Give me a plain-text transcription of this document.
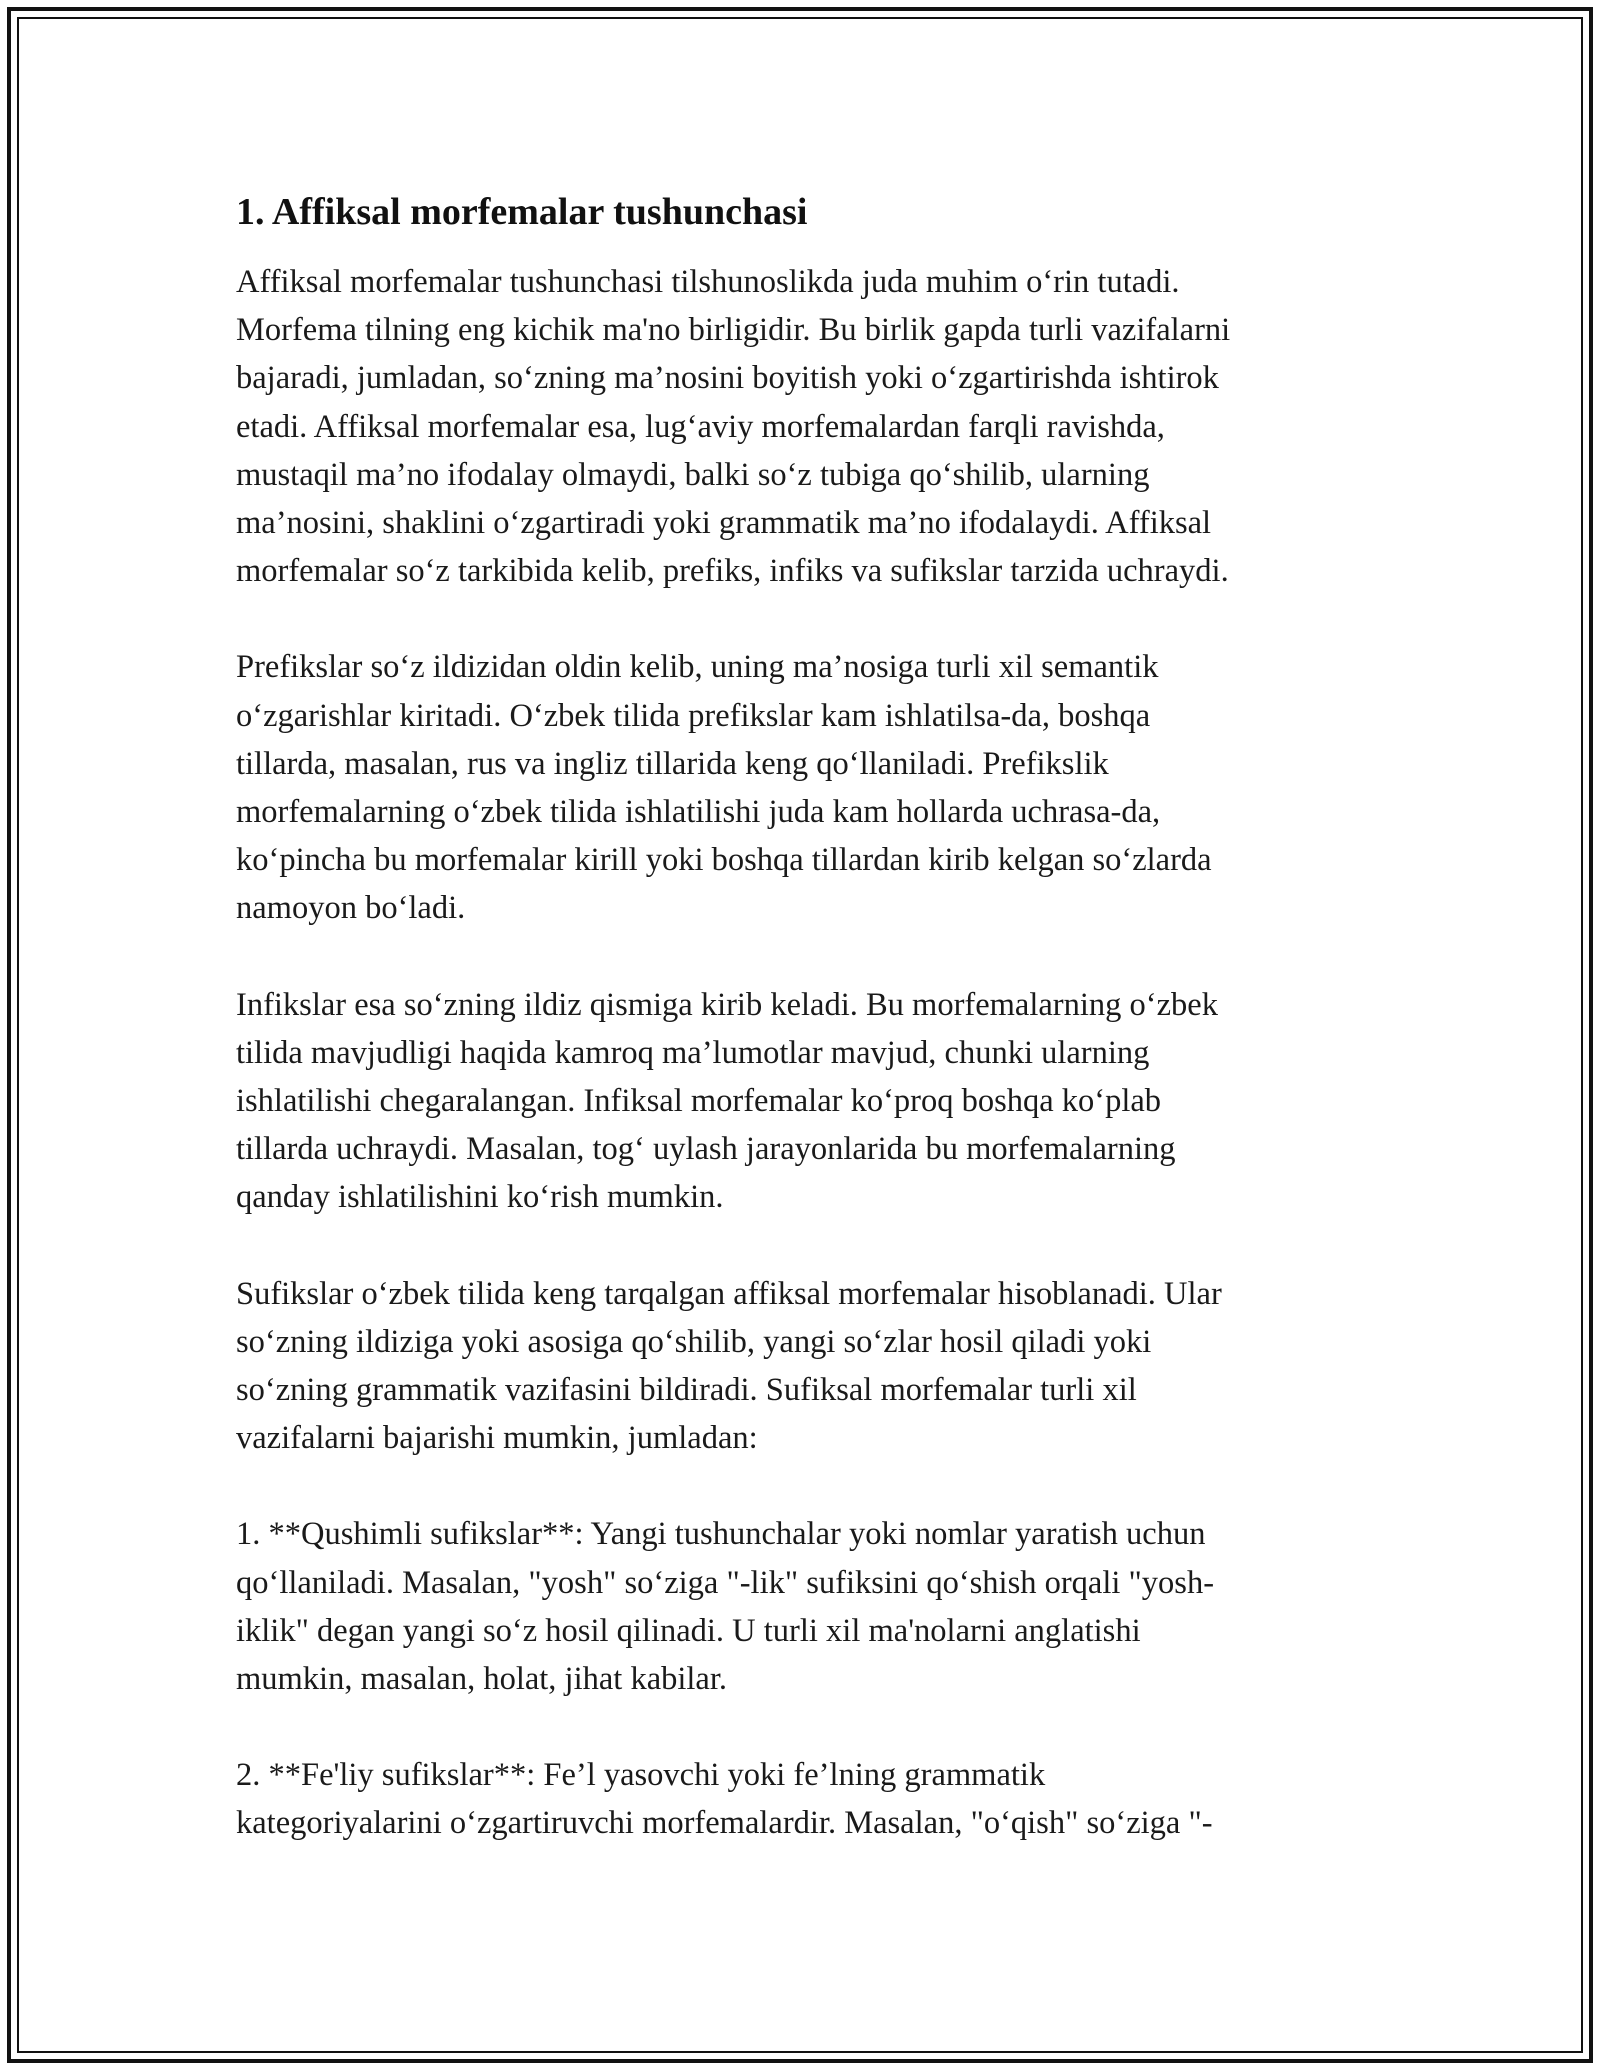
1. Affiksal morfemalar tushunchasi

Affiksal morfemalar tushunchasi tilshunoslikda juda muhim o‘rin tutadi.
Morfema tilning eng kichik ma'no birligidir. Bu birlik gapda turli vazifalarni
bajaradi, jumladan, so‘zning ma’nosini boyitish yoki o‘zgartirishda ishtirok
etadi. Affiksal morfemalar esa, lug‘aviy morfemalardan farqli ravishda,
mustaqil ma’no ifodalay olmaydi, balki so‘z tubiga qo‘shilib, ularning
ma’nosini, shaklini o‘zgartiradi yoki grammatik ma’no ifodalaydi. Affiksal
morfemalar so‘z tarkibida kelib, prefiks, infiks va sufikslar tarzida uchraydi.

Prefikslar so‘z ildizidan oldin kelib, uning ma’nosiga turli xil semantik
o‘zgarishlar kiritadi. O‘zbek tilida prefikslar kam ishlatilsa-da, boshqa
tillarda, masalan, rus va ingliz tillarida keng qo‘llaniladi. Prefikslik
morfemalarning o‘zbek tilida ishlatilishi juda kam hollarda uchrasa-da,
ko‘pincha bu morfemalar kirill yoki boshqa tillardan kirib kelgan so‘zlarda
namoyon bo‘ladi.

Infikslar esa so‘zning ildiz qismiga kirib keladi. Bu morfemalarning o‘zbek
tilida mavjudligi haqida kamroq ma’lumotlar mavjud, chunki ularning
ishlatilishi chegaralangan. Infiksal morfemalar ko‘proq boshqa ko‘plab
tillarda uchraydi. Masalan, tog‘ uylash jarayonlarida bu morfemalarning
qanday ishlatilishini ko‘rish mumkin.

Sufikslar o‘zbek tilida keng tarqalgan affiksal morfemalar hisoblanadi. Ular
so‘zning ildiziga yoki asosiga qo‘shilib, yangi so‘zlar hosil qiladi yoki
so‘zning grammatik vazifasini bildiradi. Sufiksal morfemalar turli xil
vazifalarni bajarishi mumkin, jumladan:

1. **Qushimli sufikslar**: Yangi tushunchalar yoki nomlar yaratish uchun
qo‘llaniladi. Masalan, "yosh" so‘ziga "-lik" sufiksini qo‘shish orqali "yosh-
iklik" degan yangi so‘z hosil qilinadi. U turli xil ma'nolarni anglatishi
mumkin, masalan, holat, jihat kabilar.

2. **Fe'liy sufikslar**: Fe’l yasovchi yoki fe’lning grammatik
kategoriyalarini o‘zgartiruvchi morfemalardir. Masalan, "o‘qish" so‘ziga "-
